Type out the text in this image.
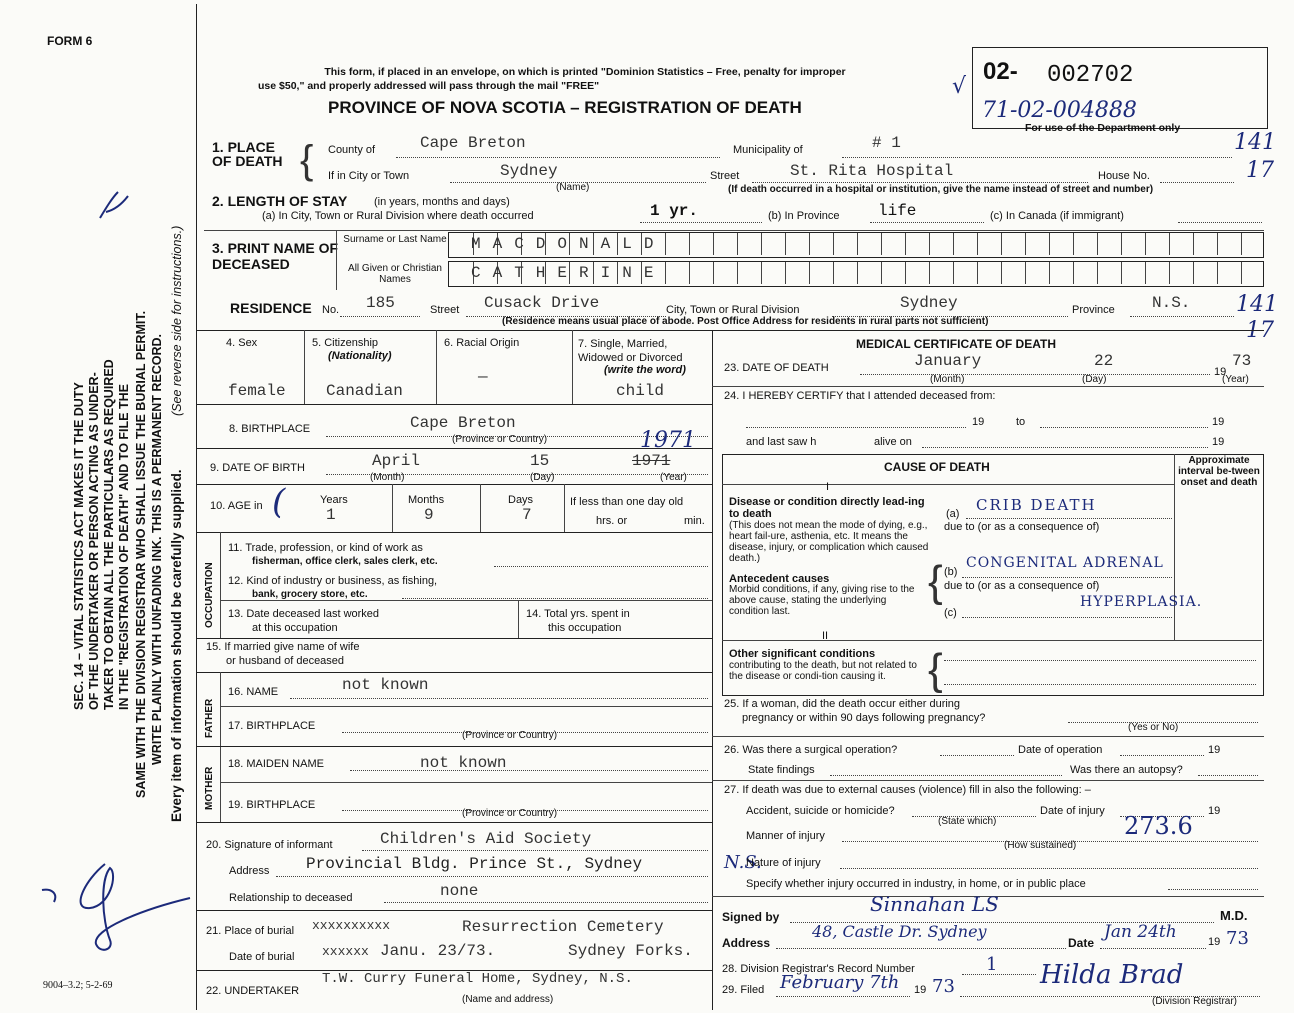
FORM 6
SEC. 14 – VITAL STATISTICS ACT MAKES IT THE DUTY OF THE UNDERTAKER OR PERSON ACTING AS UNDER- TAKER TO OBTAIN ALL THE PARTICULARS AS REQUIRED IN THE "REGISTRATION OF DEATH" AND TO FILE THE SAME WITH THE DIVISION REGISTRAR WHO SHALL ISSUE THE BURIAL PERMIT. WRITE PLAINLY WITH UNFADING INK. THIS IS A PERMANENT RECORD. Every item of information should be carefully supplied.
(See reverse side for instructions.)
9004–3.2; 5-2-69
This form, if placed in an envelope, on which is printed "Dominion Statistics – Free, penalty for improper
use $50," and properly addressed will pass through the mail "FREE"
PROVINCE OF NOVA SCOTIA – REGISTRATION OF DEATH
√
02- 002702
71-02-004888
For use of the Department only
141
17
141
17
1. PLACE OF DEATH { County of	Cape Breton	Municipality of	# 1
If in City or Town	Sydney
(Name)
Street	St. Rita Hospital	House No.
(If death occurred in a hospital or institution, give the name instead of street and number)
2. LENGTH OF STAY (in years, months and days)
(a) In City, Town or Rural Division where death occurred	1 yr.	(b) In Province life	(c) In Canada (if immigrant)
3. PRINT NAME OF DECEASED
Surname or Last Name
All Given or Christian Names
MACDONALD
CATHERINE
RESIDENCE No. 185	Street Cusack Drive	City, Town or Rural Division	Sydney	Province N.S.
(Residence means usual place of abode. Post Office Address for residents in rural parts not sufficient)
4. Sex
female
5. Citizenship
(Nationality)
Canadian
6. Racial Origin
—
7. Single, Married, Widowed or Divorced
(write the word)
child
8. BIRTHPLACE	Cape Breton
(Province or Country)
9. DATE OF BIRTH	April	15	1971
1971
(Month)	(Day)	(Year)
10. AGE in (	Years
1
Months
9
Days
7
If less than one day old
hrs. or	min.
OCCUPATION
11. Trade, profession, or kind of work as
fisherman, office clerk, sales clerk, etc.
12. Kind of industry or business, as fishing,
bank, grocery store, etc.
13. Date deceased last worked
at this occupation
14. Total yrs. spent in
this occupation
15. If married give name of wife
or husband of deceased
FATHER
16. NAME	not known
17. BIRTHPLACE
(Province or Country)
MOTHER
18. MAIDEN NAME	not known
19. BIRTHPLACE
(Province or Country)
20. Signature of informant	Children's Aid Society
Address Provincial Bldg. Prince St., Sydney	N.S.
Relationship to deceased	none
21. Place of burial xxxxxxxxxx	Resurrection Cemetery
Date of burial xxxxxx Janu. 23/73.	Sydney Forks.
22. UNDERTAKER
T.W. Curry Funeral Home, Sydney, N.S.
(Name and address)
MEDICAL CERTIFICATE OF DEATH
23. DATE OF DEATH	January	22
19
73
(Month)	(Day)	(Year)
24. I HEREBY CERTIFY that I attended deceased from:
19	to	19
and last saw h	alive on	19
CAUSE OF DEATH	Approximate interval be-tween onset and death
I
Disease or condition directly lead-ing to death
(This does not mean the mode of dying, e.g., heart fail-ure, asthenia, etc. It means the disease, injury, or complication which caused death.)
(a) CRIB DEATH
due to (or as a consequence of)
Antecedent causes
Morbid conditions, if any, giving rise to the above cause, stating the underlying condition last.
{ (b)
CONGENITAL ADRENAL
due to (or as a consequence of)
(c)
HYPERPLASIA.
II
Other significant conditions
contributing to the death, but not related to the disease or condi-tion causing it. {
25. If a woman, did the death occur either during
pregnancy or within 90 days following pregnancy?
(Yes or No)
26. Was there a surgical operation?	Date of operation	19
State findings	Was there an autopsy?
27. If death was due to external causes (violence) fill in also the following: –
Accident, suicide or homicide?
(State which)
Date of injury	19
Manner of injury	273.6
(How sustained)
Nature of injury
Specify whether injury occurred in industry, in home, or in public place
Signed by
Sinnahan LS	M.D.
Address
48, Castle Dr. Sydney
Date
Jan 24th	19 73
28. Division Registrar's Record Number	1
29. Filed February 7th 19 73	Hilda Brad
(Division Registrar)
